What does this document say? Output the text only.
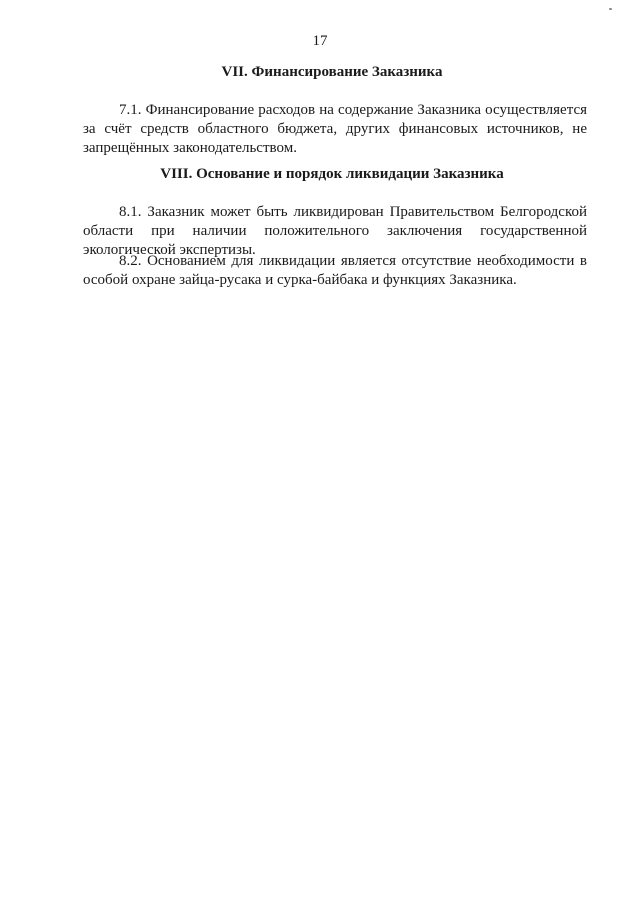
17
VII. Финансирование Заказника
7.1. Финансирование расходов на содержание Заказника осуществляется за счёт средств областного бюджета, других финансовых источников, не запрещённых законодательством.
VIII. Основание и порядок ликвидации Заказника
8.1. Заказник может быть ликвидирован Правительством Белгородской области при наличии положительного заключения государственной экологической экспертизы.
8.2. Основанием для ликвидации является отсутствие необходимости в особой охране зайца-русака и сурка-байбака и функциях Заказника.
